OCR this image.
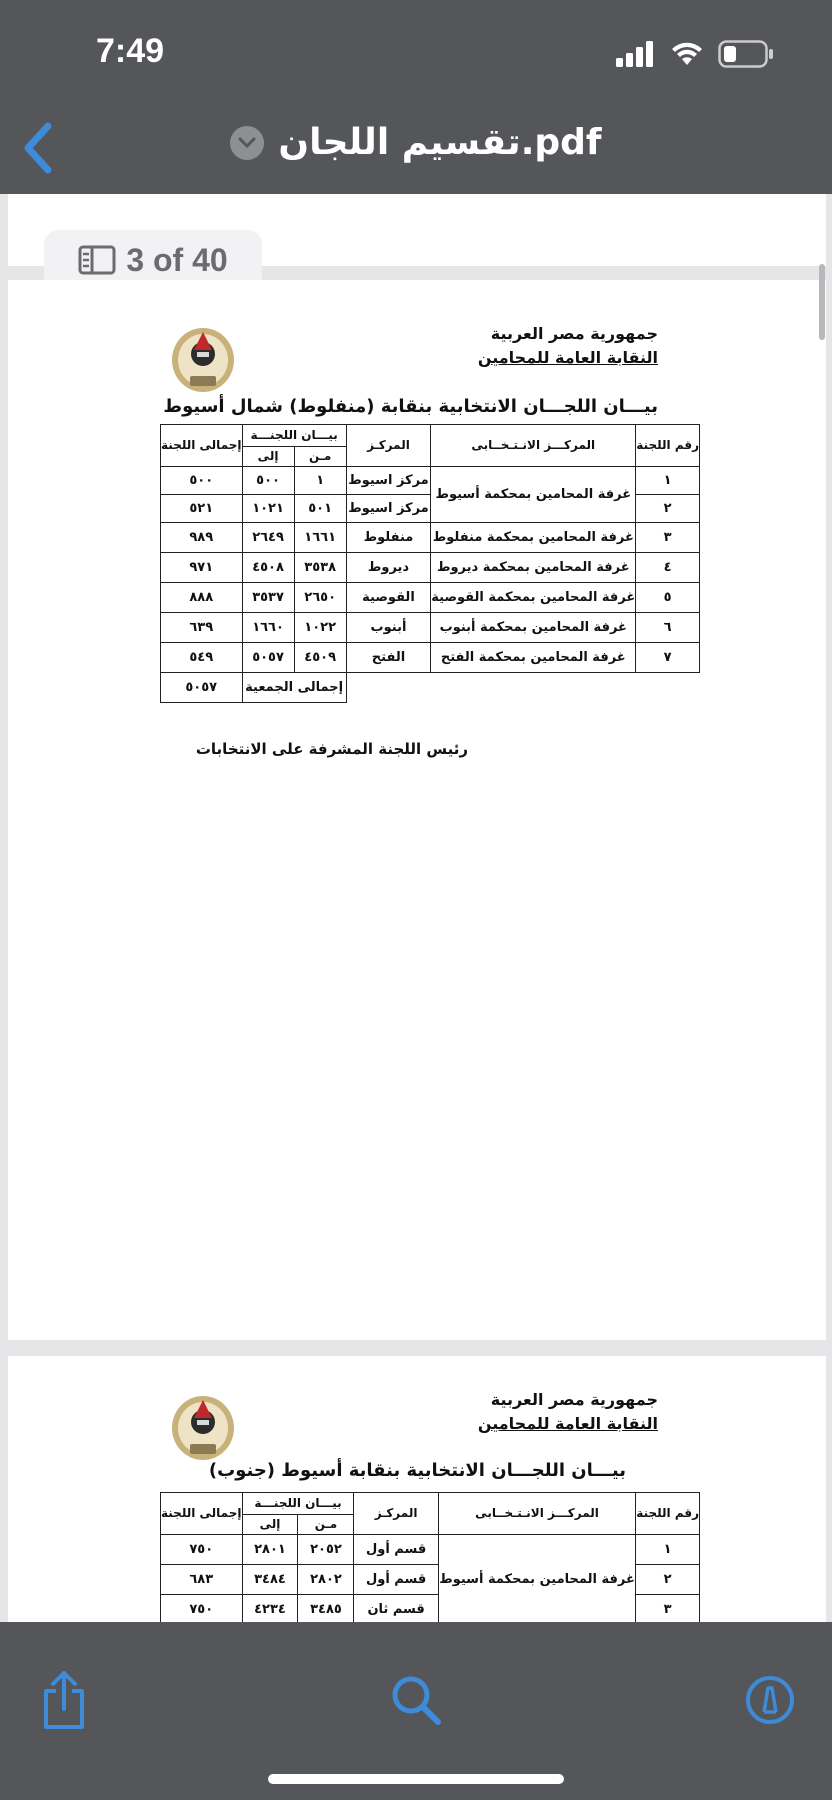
7:49
تقسيم اللجان.pdf
3 of 40
جمهورية مصر العربية
النقابة العامة للمحامين
بيـــان اللجـــان الانتخابية بنقابة (منفلوط) شمال أسيوط
رقم اللجنة	المركـــز الانـتـخــابى	المركـز	بيـــان اللجنـــة		إجمالى اللجنة
			مـن	إلى	
١	غرفة المحامين بمحكمة أسيوط	مركز اسيوط	١	٥٠٠	٥٠٠
٢		مركز اسيوط	٥٠١	١٠٢١	٥٢١
٣	غرفة المحامين بمحكمة منفلوط	منفلوط	١٦٦١	٢٦٤٩	٩٨٩
٤	غرفة المحامين بمحكمة ديروط	ديروط	٣٥٣٨	٤٥٠٨	٩٧١
٥	غرفة المحامين بمحكمة القوصية	القوصية	٢٦٥٠	٣٥٣٧	٨٨٨
٦	غرفة المحامين بمحكمة أبنوب	أبنوب	١٠٢٢	١٦٦٠	٦٣٩
٧	غرفة المحامين بمحكمة الفتح	الفتح	٤٥٠٩	٥٠٥٧	٥٤٩
			إجمالى الجمعية		٥٠٥٧
رئيس اللجنة المشرفة على الانتخابات
جمهورية مصر العربية
النقابة العامة للمحامين
بيـــان اللجـــان الانتخابية بنقابة أسيوط (جنوب)
رقم اللجنة	المركـــز الانـتـخــابى	المركـز	بيـــان اللجنـــة		إجمالى اللجنة
			مـن	إلى	
١	غرفة المحامين بمحكمة أسيوط	قسم أول	٢٠٥٢	٢٨٠١	٧٥٠
٢		قسم أول	٢٨٠٢	٣٤٨٤	٦٨٣
٣		قسم ثان	٣٤٨٥	٤٢٣٤	٧٥٠
